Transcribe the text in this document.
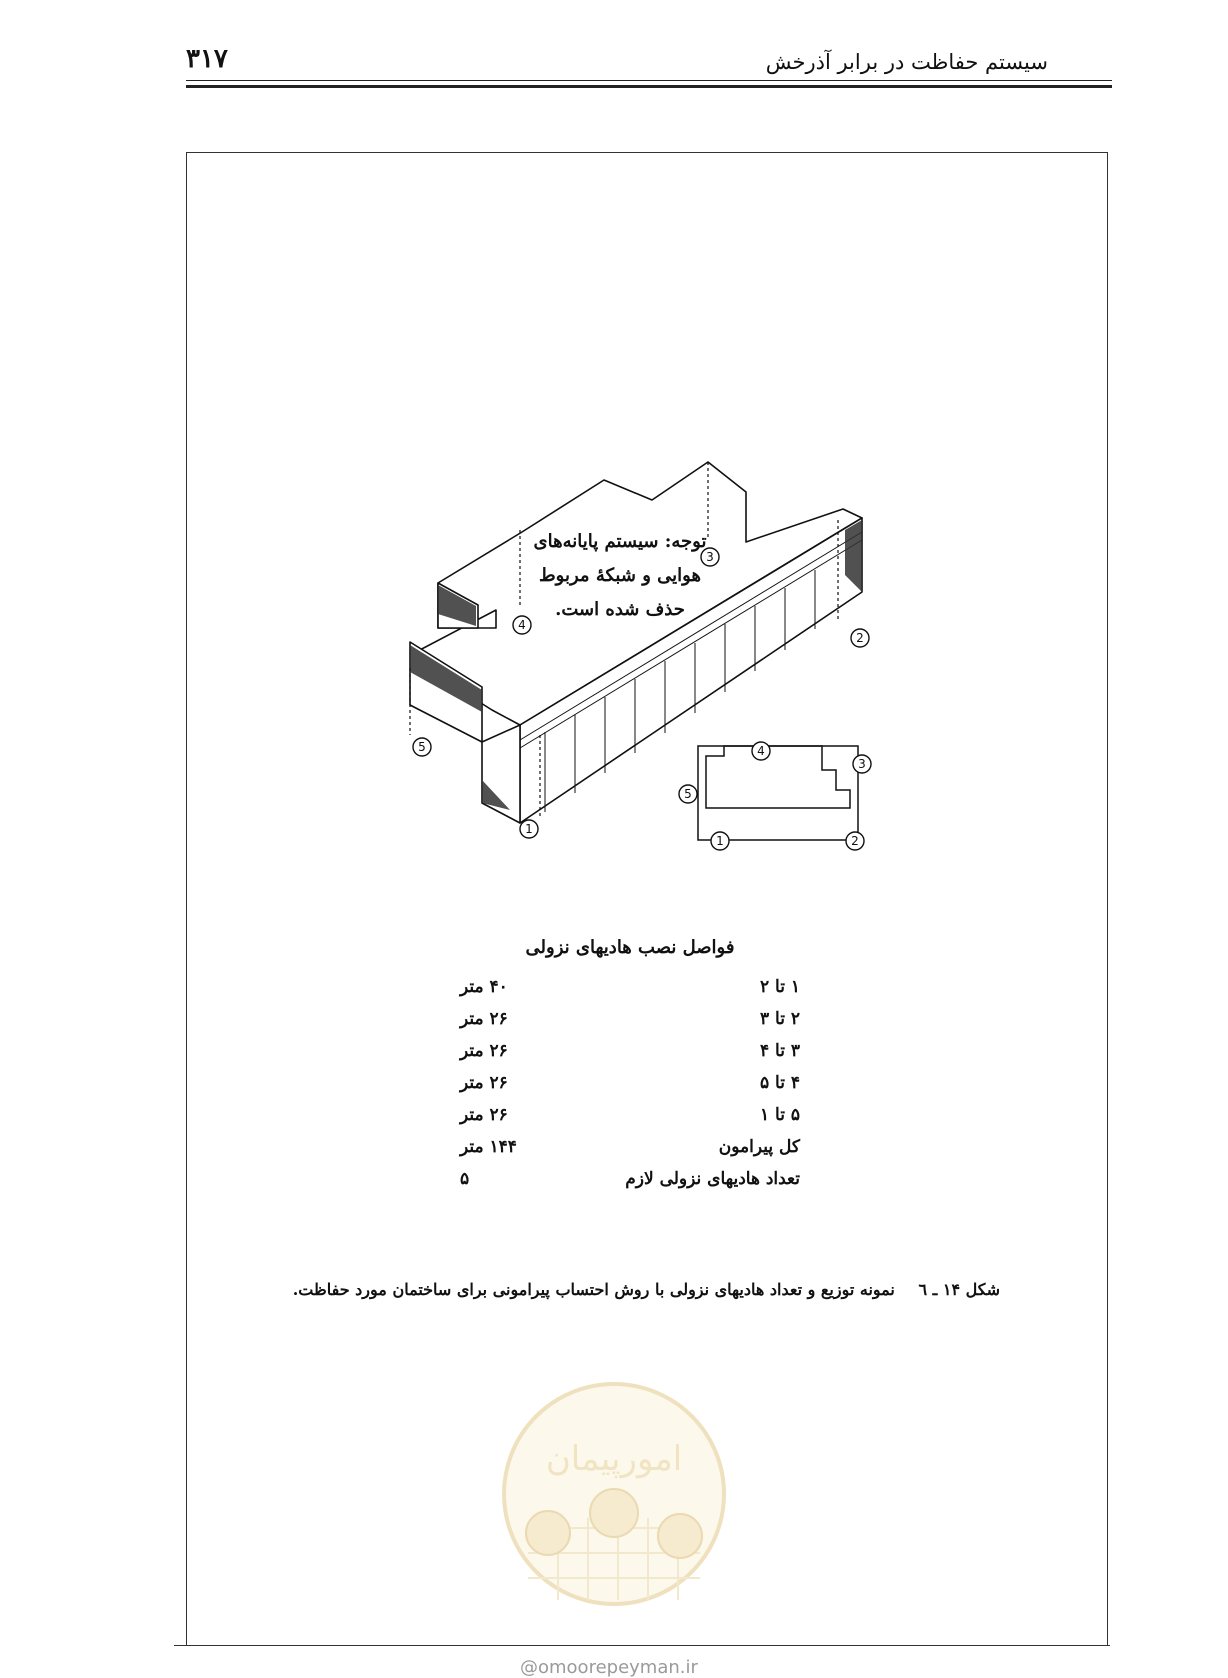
سیستم حفاظت در برابر آذرخش
۳۱۷
1
2
3
4
5
1	2
3
4
5
توجه: سیستم پایانه‌های
هوایی و شبکهٔ مربوط
حذف شده است.
فواصل نصب هادیهای نزولی
۱ تا ۲
۴۰ متر
۲ تا ۳
۲۶ متر
۳ تا ۴
۲۶ متر
۴ تا ۵
۲۶ متر
۵ تا ۱
۲۶ متر
کل پیرامون
۱۴۴ متر
تعداد هادیهای نزولی لازم
۵
شکل ۱۴ ـ ٦ نمونه توزیع و تعداد هادیهای نزولی با روش احتساب پیرامونی برای ساختمان مورد حفاظت.
امورپیمان
@omoorepeyman.ir
